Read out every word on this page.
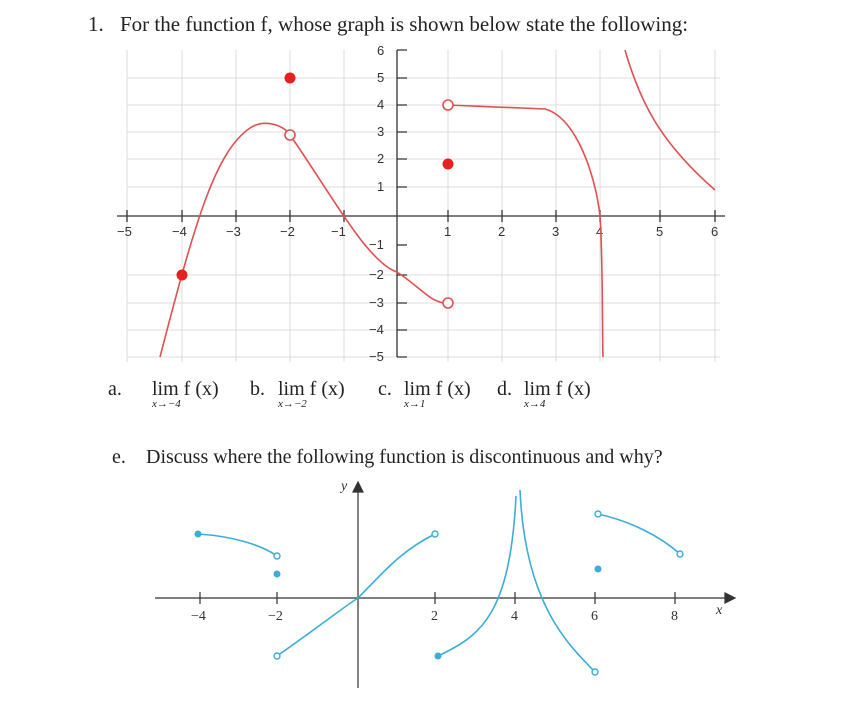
1. For the function f, whose graph is shown below state the following:
−5	−4	−3	−2	−1	1	2	3	4	5	6
6
5
4
3
2
1
−1
−2
−3
−4
−5
a. lim f (x)
x→−4
b. lim f (x)
x→−2
c. lim f (x)
x→1
d. lim f (x)
x→4
e. Discuss where the following function is discontinuous and why?
y
x
−4	−2	2	4	6	8
